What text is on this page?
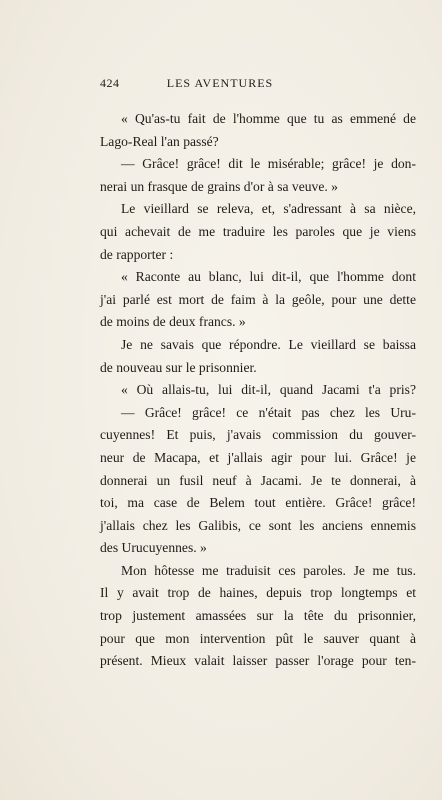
424	LES AVENTURES
« Qu'as-tu fait de l'homme que tu as emmené de
Lago-Real l'an passé?
— Grâce! grâce! dit le misérable; grâce! je don-
nerai un frasque de grains d'or à sa veuve. »
Le vieillard se releva, et, s'adressant à sa nièce,
qui achevait de me traduire les paroles que je viens
de rapporter :
« Raconte au blanc, lui dit-il, que l'homme dont
j'ai parlé est mort de faim à la geôle, pour une dette
de moins de deux francs. »
Je ne savais que répondre. Le vieillard se baissa
de nouveau sur le prisonnier.
« Où allais-tu, lui dit-il, quand Jacami t'a pris?
— Grâce! grâce! ce n'était pas chez les Uru-
cuyennes! Et puis, j'avais commission du gouver-
neur de Macapa, et j'allais agir pour lui. Grâce! je
donnerai un fusil neuf à Jacami. Je te donnerai, à
toi, ma case de Belem tout entière. Grâce! grâce!
j'allais chez les Galibis, ce sont les anciens ennemis
des Urucuyennes. »
Mon hôtesse me traduisit ces paroles. Je me tus.
Il y avait trop de haines, depuis trop longtemps et
trop justement amassées sur la tête du prisonnier,
pour que mon intervention pût le sauver quant à
présent. Mieux valait laisser passer l'orage pour ten-
